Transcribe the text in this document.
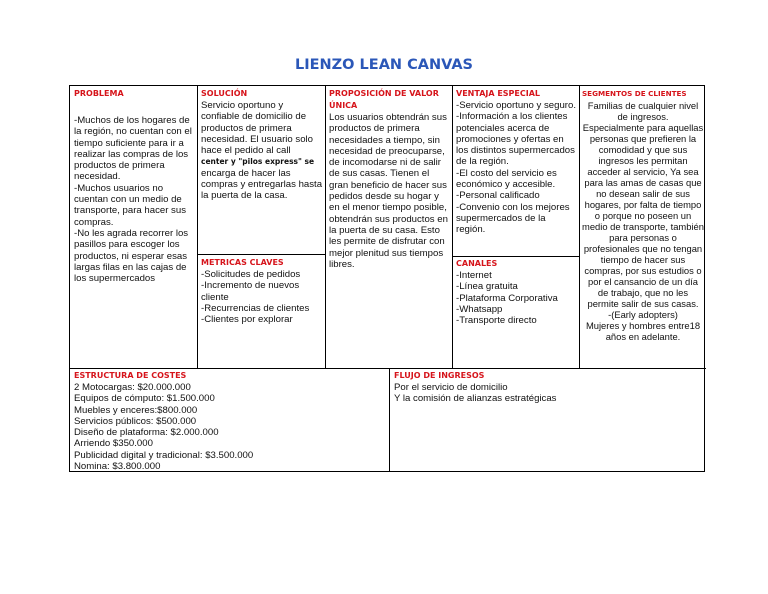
LIENZO LEAN CANVAS
PROBLEMA
-Muchos de los hogares de la región, no cuentan con el tiempo suficiente para ir a realizar las compras de los productos de primera necesidad.
-Muchos usuarios no cuentan con un medio de transporte, para hacer sus compras.
-No les agrada recorrer los pasillos para escoger los productos, ni esperar esas largas filas en las cajas de los supermercados
SOLUCIÓN
Servicio oportuno y confiable de domicilio de productos de primera necesidad. El usuario solo hace el pedido al call
center y "pilos express" se
encarga de hacer las compras y entregarlas hasta la puerta de la casa.
METRICAS CLAVES
-Solicitudes de pedidos
-Incremento de nuevos cliente
-Recurrencias de clientes
-Clientes por explorar
PROPOSICIÓN DE VALOR ÚNICA
Los usuarios obtendrán sus productos de primera necesidades a tiempo, sin necesidad de preocuparse, de incomodarse ni de salir de sus casas. Tienen el gran beneficio de hacer sus pedidos desde su hogar y en el menor tiempo posible, obtendrán sus productos en la puerta de su casa. Esto les permite de disfrutar con mejor plenitud sus tiempos libres.
VENTAJA ESPECIAL
-Servicio oportuno y seguro.
-Información a los clientes potenciales acerca de promociones y ofertas en los distintos supermercados de la región.
-El costo del servicio es económico y accesible.
-Personal calificado
-Convenio con los mejores supermercados de la región.
CANALES
-Internet
-Línea gratuita
-Plataforma Corporativa
-Whatsapp
-Transporte directo
SEGMENTOS DE CLIENTES
Familias de cualquier nivel de ingresos.
Especialmente para aquellas personas que prefieren la comodidad y que sus ingresos les permitan acceder al servicio, Ya sea para las amas de casas que no desean salir de sus hogares, por falta de tiempo o porque no poseen un medio de transporte, también para personas o profesionales que no tengan tiempo de hacer sus compras, por sus estudios o por el cansancio de un día de trabajo, que no les permite salir de sus casas.
-(Early adopters)
Mujeres y hombres entre18 años en adelante.
ESTRUCTURA DE COSTES
2 Motocargas: $20.000.000
Equipos de cómputo: $1.500.000
Muebles y enceres:$800.000
Servicios públicos: $500.000
Diseño de plataforma: $2.000.000
Arriendo $350.000
Publicidad digital y tradicional: $3.500.000
Nomina: $3.800.000
FLUJO DE INGRESOS
Por el servicio de domicilio
Y la comisión de alianzas estratégicas
